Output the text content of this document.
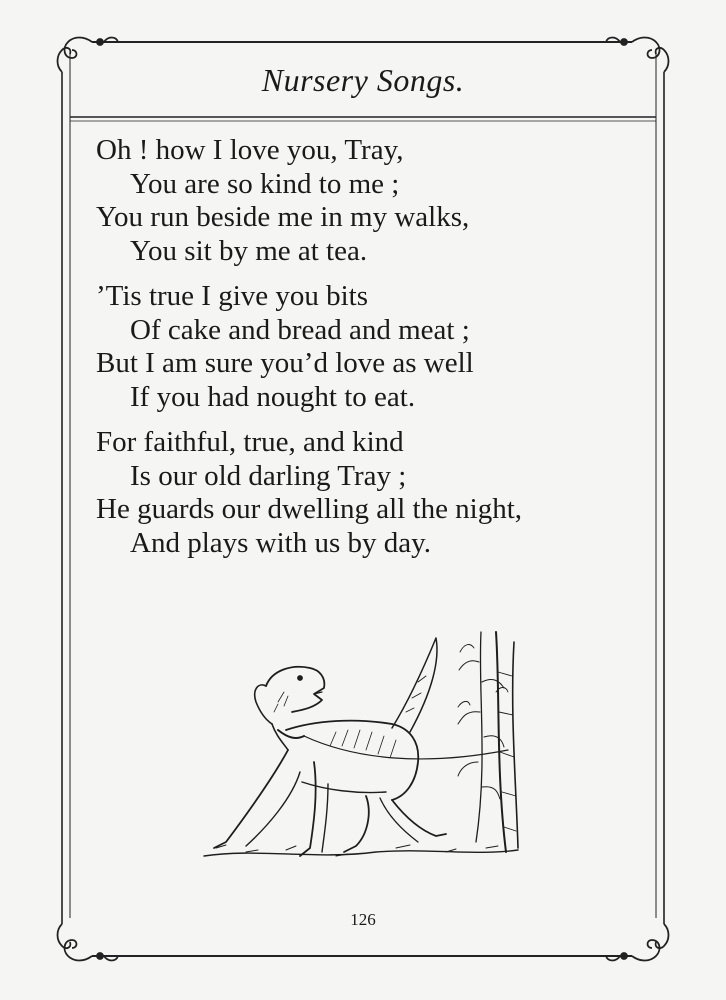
Nursery Songs.
Oh ! how I love you, Tray,
You are so kind to me ;
You run beside me in my walks,
You sit by me at tea.
’Tis true I give you bits
Of cake and bread and meat ;
But I am sure you’d love as well
If you had nought to eat.
For faithful, true, and kind
Is our old darling Tray ;
He guards our dwelling all the night,
And plays with us by day.
126
